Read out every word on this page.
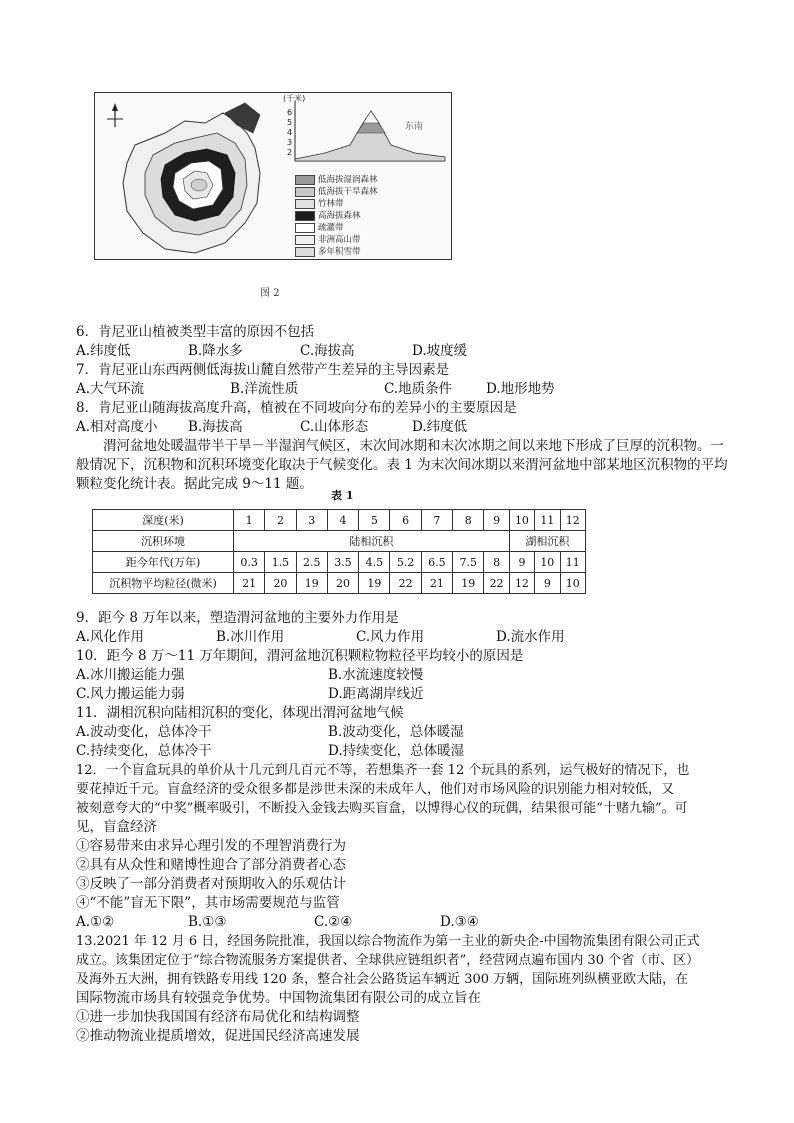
(千米)
6
5
4
3
2
东南
低海拔湿润森林
低海拔干旱森林
竹林带
高海拔森林
疏灌带
非洲高山带
多年积雪带
图 2
6．肯尼亚山植被类型丰富的原因不包括
A.纬度低	B.降水多	C.海拔高	D.坡度缓
7．肯尼亚山东西两侧低海拔山麓自然带产生差异的主导因素是
A.大气环流	B.洋流性质	C.地质条件	D.地形地势
8．肯尼亚山随海拔高度升高，植被在不同坡向分布的差异小的主要原因是
A.相对高度小 B.海拔高	C.山体形态	D.纬度低
渭河盆地处暖温带半干旱－半湿润气候区，末次间冰期和末次冰期之间以来地下形成了巨厚的沉积物。一般情况下，沉积物和沉积环境变化取决于气候变化。表 1 为末次间冰期以来渭河盆地中部某地区沉积物的平均颗粒变化统计表。据此完成 9～11 题。
表 1
深度(米)	1	2	3	4	5	6	7	8	9	10	11	12
沉积环境	陆相沉积									湖相沉积		
距今年代(万年)	0.3	1.5	2.5	3.5	4.5	5.2	6.5	7.5	8	9	10	11
沉积物平均粒径(微米)	21	20	19	20	19	22	21	19	22	12	9	10
9．距今 8 万年以来，塑造渭河盆地的主要外力作用是
A.风化作用	B.冰川作用	C.风力作用	D.流水作用
10．距今 8 万～11 万年期间，渭河盆地沉积颗粒物粒径平均较小的原因是
A.冰川搬运能力强	B.水流速度较慢
C.风力搬运能力弱	D.距离湖岸线近
11．湖相沉积向陆相沉积的变化，体现出渭河盆地气候
A.波动变化，总体冷干	B.波动变化，总体暖湿
C.持续变化，总体冷干	D.持续变化，总体暖湿
12．一个盲盒玩具的单价从十几元到几百元不等，若想集齐一套 12 个玩具的系列，运气极好的情况下，也
要花掉近千元。盲盒经济的受众很多都是涉世未深的未成年人，他们对市场风险的识别能力相对较低，又
被刻意夸大的“中奖”概率吸引，不断投入金钱去购买盲盒，以博得心仪的玩偶，结果很可能“十赌九输”。可
见，盲盒经济
①容易带来由求异心理引发的不理智消费行为
②具有从众性和赌博性迎合了部分消费者心态
③反映了一部分消费者对预期收入的乐观估计
④“不能”盲无下限”，其市场需要规范与监管
A.①②	B.①③	C.②④	D.③④
13.2021 年 12 月 6 日，经国务院批准，我国以综合物流作为第一主业的新央企-中国物流集团有限公司正式
成立。该集团定位于“综合物流服务方案提供者、全球供应链组织者”，经营网点遍布国内 30 个省（市、区）
及海外五大洲，拥有铁路专用线 120 条，整合社会公路货运车辆近 300 万辆，国际班列纵横亚欧大陆，在
国际物流市场具有较强竞争优势。中国物流集团有限公司的成立旨在
①进一步加快我国国有经济布局优化和结构调整
②推动物流业提质增效，促进国民经济高速发展
